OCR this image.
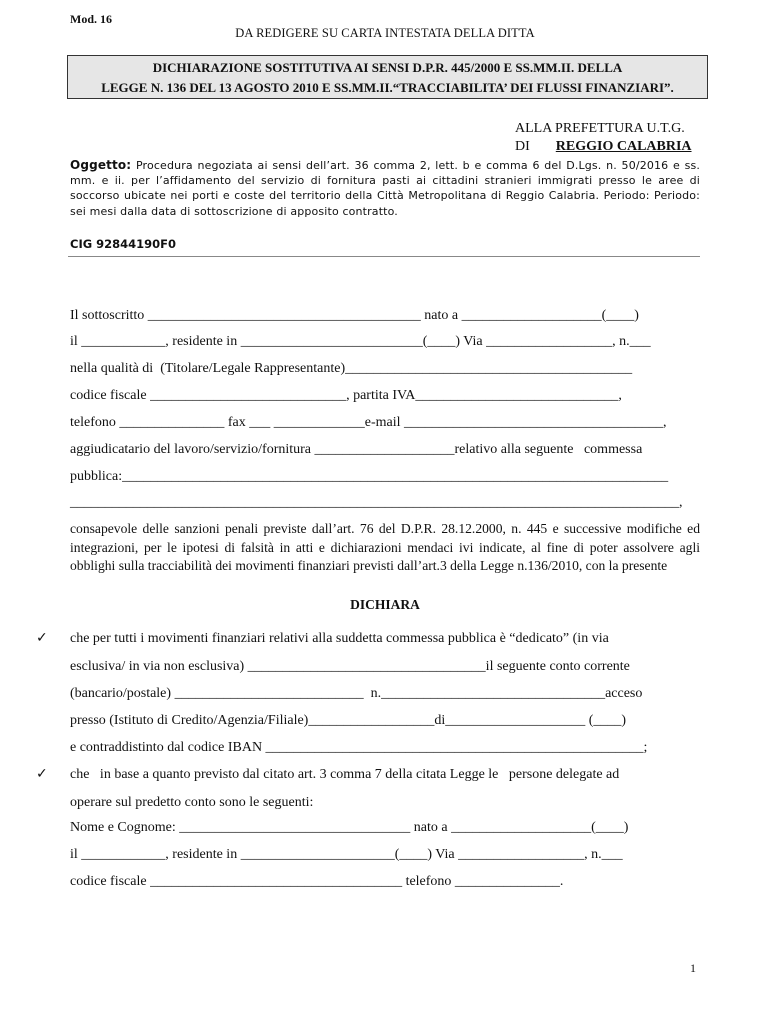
Mod. 16
DA REDIGERE SU CARTA INTESTATA DELLA DITTA
DICHIARAZIONE SOSTITUTIVA AI SENSI D.P.R. 445/2000 E SS.MM.II. DELLA
LEGGE N. 136 DEL 13 AGOSTO 2010 E SS.MM.II.“TRACCIABILITA’ DEI FLUSSI FINANZIARI”.
ALLA PREFETTURA U.T.G.
DI REGGIO CALABRIA
Oggetto: Procedura negoziata ai sensi dell’art. 36 comma 2, lett. b e comma 6 del D.Lgs. n. 50/2016 e ss. mm. e ii. per l’affidamento del servizio di fornitura pasti ai cittadini stranieri immigrati presso le aree di soccorso ubicate nei porti e coste del territorio della Città Metropolitana di Reggio Calabria. Periodo: Periodo: sei mesi dalla data di sottoscrizione di apposito contratto.
CIG 92844190F0
Il sottoscritto _______________________________________ nato a ____________________(____)
il ____________, residente in __________________________(____) Via __________________, n.___
nella qualità di  (Titolare/Legale Rappresentante)_________________________________________
codice fiscale ____________________________, partita IVA_____________________________,
telefono _______________ fax ___ _____________e-mail _____________________________________,
aggiudicatario del lavoro/servizio/fornitura ____________________relativo alla seguente   commessa
pubblica:______________________________________________________________________________
_______________________________________________________________________________________,
consapevole delle sanzioni penali previste dall’art. 76 del D.P.R. 28.12.2000, n. 445 e successive modifiche ed integrazioni, per le ipotesi di falsità in atti e dichiarazioni mendaci ivi indicate, al fine di poter assolvere agli obblighi sulla tracciabilità dei movimenti finanziari previsti dall’art.3 della Legge n.136/2010, con la presente
DICHIARA
✓ che per tutti i movimenti finanziari relativi alla suddetta commessa pubblica è “dedicato” (in via
esclusiva/ in via non esclusiva) __________________________________il seguente conto corrente
(bancario/postale) ___________________________  n.________________________________acceso
presso (Istituto di Credito/Agenzia/Filiale)__________________di____________________ (____)
e contraddistinto dal codice IBAN ______________________________________________________;
✓ che   in base a quanto previsto dal citato art. 3 comma 7 della citata Legge le   persone delegate ad
operare sul predetto conto sono le seguenti:
Nome e Cognome: _________________________________ nato a ____________________(____)
il ____________, residente in ______________________(____) Via __________________, n.___
codice fiscale ____________________________________ telefono _______________.
1
